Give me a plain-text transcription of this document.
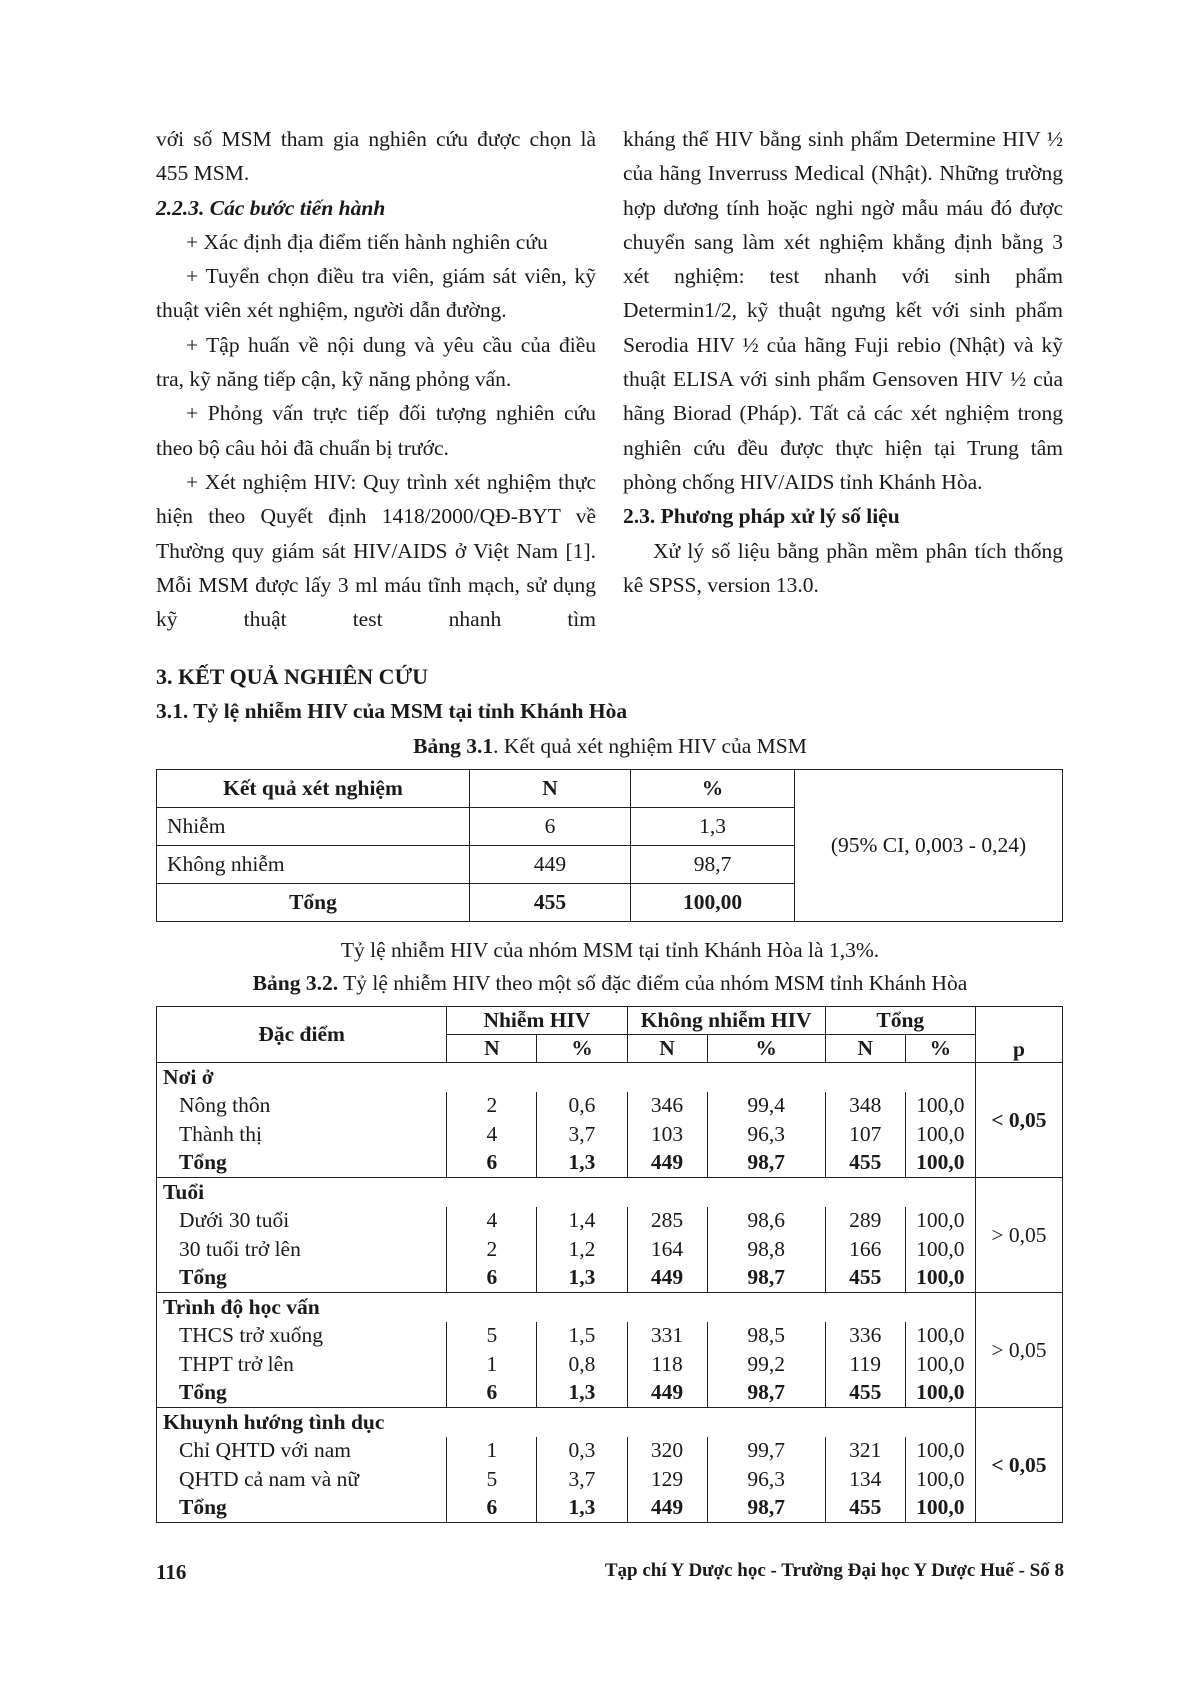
với số MSM tham gia nghiên cứu được chọn là 455 MSM.

2.2.3. Các bước tiến hành

+ Xác định địa điểm tiến hành nghiên cứu

+ Tuyển chọn điều tra viên, giám sát viên, kỹ thuật viên xét nghiệm, người dẫn đường.

+ Tập huấn về nội dung và yêu cầu của điều tra, kỹ năng tiếp cận, kỹ năng phỏng vấn.

+ Phỏng vấn trực tiếp đối tượng nghiên cứu theo bộ câu hỏi đã chuẩn bị trước.

+ Xét nghiệm HIV: Quy trình xét nghiệm thực hiện theo Quyết định 1418/2000/QĐ-BYT về Thường quy giám sát HIV/AIDS ở Việt Nam [1]. Mỗi MSM được lấy 3 ml máu tĩnh mạch, sử dụng kỹ thuật test nhanh tìm

kháng thể HIV bằng sinh phẩm Determine HIV ½ của hãng Inverruss Medical (Nhật). Những trường hợp dương tính hoặc nghi ngờ mẫu máu đó được chuyển sang làm xét nghiệm khẳng định bằng 3 xét nghiệm: test nhanh với sinh phẩm Determin1/2, kỹ thuật ngưng kết với sinh phẩm Serodia HIV ½ của hãng Fuji rebio (Nhật) và kỹ thuật ELISA với sinh phẩm Gensoven HIV ½ của hãng Biorad (Pháp). Tất cả các xét nghiệm trong nghiên cứu đều được thực hiện tại Trung tâm phòng chống HIV/AIDS tỉnh Khánh Hòa.

2.3. Phương pháp xử lý số liệu

Xử lý số liệu bằng phần mềm phân tích thống kê SPSS, version 13.0.

3. KẾT QUẢ NGHIÊN CỨU
3.1. Tỷ lệ nhiễm HIV của MSM tại tỉnh Khánh Hòa

Bảng 3.1. Kết quả xét nghiệm HIV của MSM

Kết quả xét nghiệm	N	%	(95% CI, 0,003 - 0,24)
Nhiễm	6	1,3	
Không nhiễm	449	98,7	
Tổng	455	100,00	

Tỷ lệ nhiễm HIV của nhóm MSM tại tỉnh Khánh Hòa là 1,3%.

Bảng 3.2. Tỷ lệ nhiễm HIV theo một số đặc điểm của nhóm MSM tỉnh Khánh Hòa

Đặc điểm	Nhiễm HIV		Không nhiễm HIV		Tổng		p
	N	%	N	%	N	%	
Nơi ở							< 0,05
Nông thôn	2	0,6	346	99,4	348	100,0	
Thành thị	4	3,7	103	96,3	107	100,0	
Tổng	6	1,3	449	98,7	455	100,0	
Tuổi							> 0,05
Dưới 30 tuổi	4	1,4	285	98,6	289	100,0	
30 tuổi trở lên	2	1,2	164	98,8	166	100,0	
Tổng	6	1,3	449	98,7	455	100,0	
Trình độ học vấn							> 0,05
THCS trở xuống	5	1,5	331	98,5	336	100,0	
THPT trở lên	1	0,8	118	99,2	119	100,0	
Tổng	6	1,3	449	98,7	455	100,0	
Khuynh hướng tình dục							< 0,05
Chỉ QHTD với nam	1	0,3	320	99,7	321	100,0	
QHTD cả nam và nữ	5	3,7	129	96,3	134	100,0	
Tổng	6	1,3	449	98,7	455	100,0	
116	Tạp chí Y Dược học - Trường Đại học Y Dược Huế - Số 8
